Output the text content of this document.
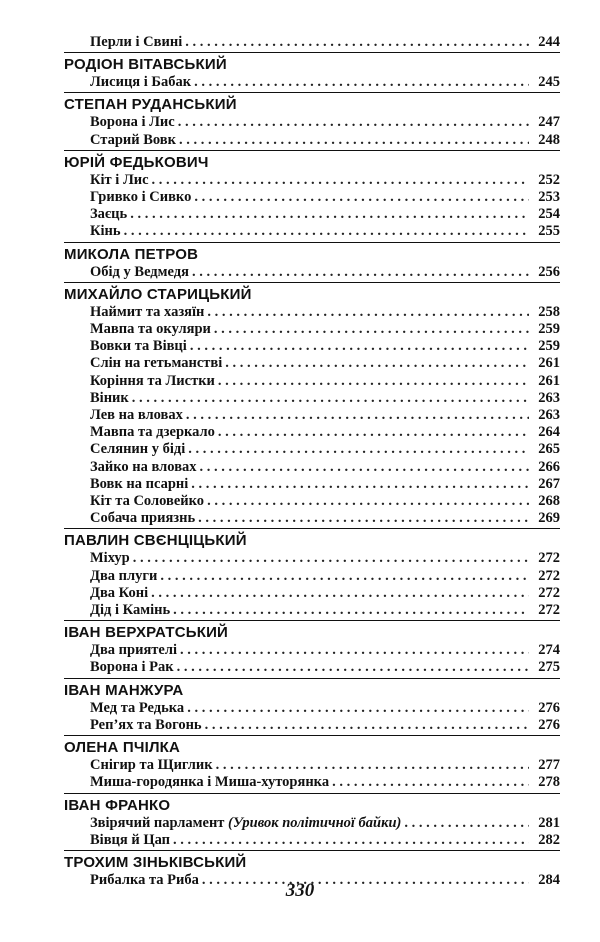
Перли і Свині . . .	244
РОДІОН ВІТАВСЬКИЙ
Лисиця і Бабак . . .	245
СТЕПАН РУДАНСЬКИЙ
Ворона і Лис . . .	247
Старий Вовк . . .	248
ЮРІЙ ФЕДЬКОВИЧ
Кіт і Лис . . .	252
Гривко і Сивко . . .	253
Заєць . . .	254
Кінь . . .	255
МИКОЛА ПЕТРОВ
Обід у Ведмедя . . .	256
МИХАЙЛО СТАРИЦЬКИЙ
Наймит та хазяїн . . .	258
Мавпа та окуляри . . .	259
Вовки та Вівці . . .	259
Слін на гетьманстві . . .	261
Коріння та Листки . . .	261
Віник . . .	263
Лев на вловах . . .	263
Мавпа та дзеркало . . .	264
Селянин у біді . . .	265
Зайко на вловах . . .	266
Вовк на псарні . . .	267
Кіт та Соловейко . . .	268
Собача приязнь . . .	269
ПАВЛИН СВЄНЦІЦЬКИЙ
Міхур . . .	272
Два плуги . . .	272
Два Коні . . .	272
Дід і Камінь . . .	272
ІВАН ВЕРХРАТСЬКИЙ
Два приятелі . . .	274
Ворона і Рак . . .	275
ІВАН МАНЖУРА
Мед та Редька . . .	276
Реп’ях та Вогонь . . .	276
ОЛЕНА ПЧІЛКА
Снігир та Щиглик . . .	277
Миша-городянка і Миша-хуторянка . . .	278
ІВАН ФРАНКО
Звірячий парламент (Уривок політичної байки) . . .	281
Вівця й Цап . . .	282
ТРОХИМ ЗІНЬКІВСЬКИЙ
Рибалка та Риба . . .	284
330
